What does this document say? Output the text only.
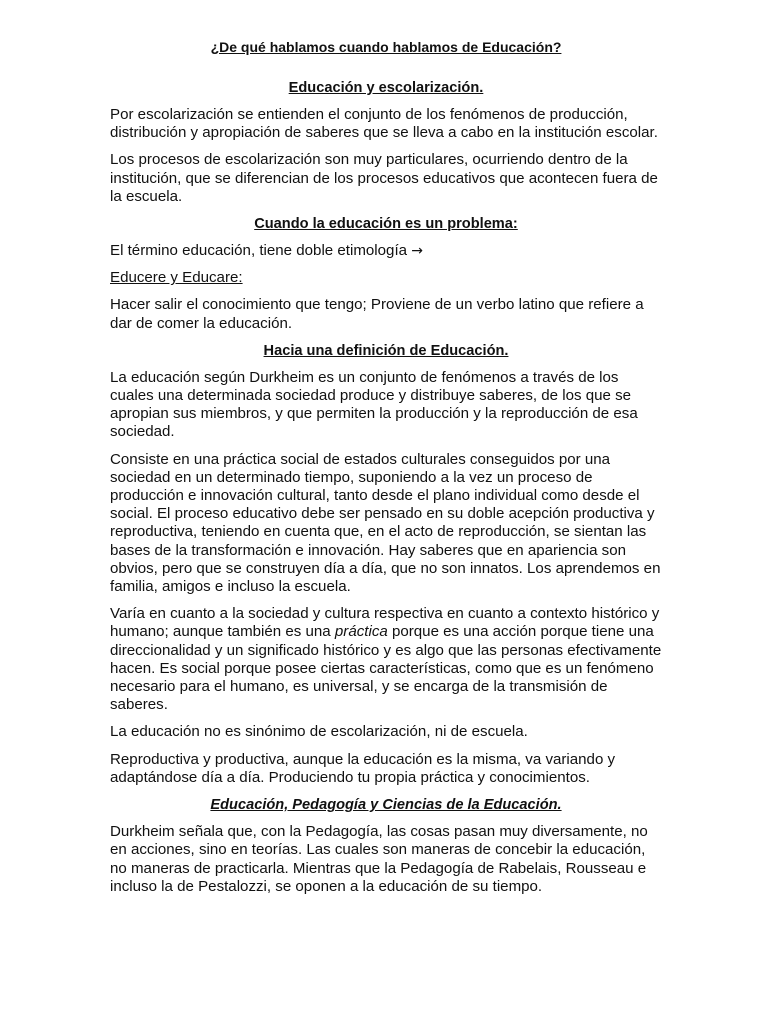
¿De qué hablamos cuando hablamos de Educación?
Educación y escolarización.

Por escolarización se entienden el conjunto de los fenómenos de producción, distribución y apropiación de saberes que se lleva a cabo en la institución escolar.

Los procesos de escolarización son muy particulares, ocurriendo dentro de la institución, que se diferencian de los procesos educativos que acontecen fuera de la escuela.

Cuando la educación es un problema:

El término educación, tiene doble etimología →

Educere y Educare:

Hacer salir el conocimiento que tengo; Proviene de un verbo latino que refiere a dar de comer la educación.

Hacia una definición de Educación.

La educación según Durkheim es un conjunto de fenómenos a través de los cuales una determinada sociedad produce y distribuye saberes, de los que se apropian sus miembros, y que permiten la producción y la reproducción de esa sociedad.

Consiste en una práctica social de estados culturales conseguidos por una sociedad en un determinado tiempo, suponiendo a la vez un proceso de producción e innovación cultural, tanto desde el plano individual como desde el social. El proceso educativo debe ser pensado en su doble acepción productiva y reproductiva, teniendo en cuenta que, en el acto de reproducción, se sientan las bases de la transformación e innovación. Hay saberes que en apariencia son obvios, pero que se construyen día a día, que no son innatos. Los aprendemos en familia, amigos e incluso la escuela.

Varía en cuanto a la sociedad y cultura respectiva en cuanto a contexto histórico y humano; aunque también es una práctica porque es una acción porque tiene una direccionalidad y un significado histórico y es algo que las personas efectivamente hacen. Es social porque posee ciertas características, como que es un fenómeno necesario para el humano, es universal, y se encarga de la transmisión de saberes.

La educación no es sinónimo de escolarización, ni de escuela.

Reproductiva y productiva, aunque la educación es la misma, va variando y adaptándose día a día. Produciendo tu propia práctica y conocimientos.

Educación, Pedagogía y Ciencias de la Educación.

Durkheim señala que, con la Pedagogía, las cosas pasan muy diversamente, no en acciones, sino en teorías. Las cuales son maneras de concebir la educación, no maneras de practicarla. Mientras que la Pedagogía de Rabelais, Rousseau e incluso la de Pestalozzi, se oponen a la educación de su tiempo.
